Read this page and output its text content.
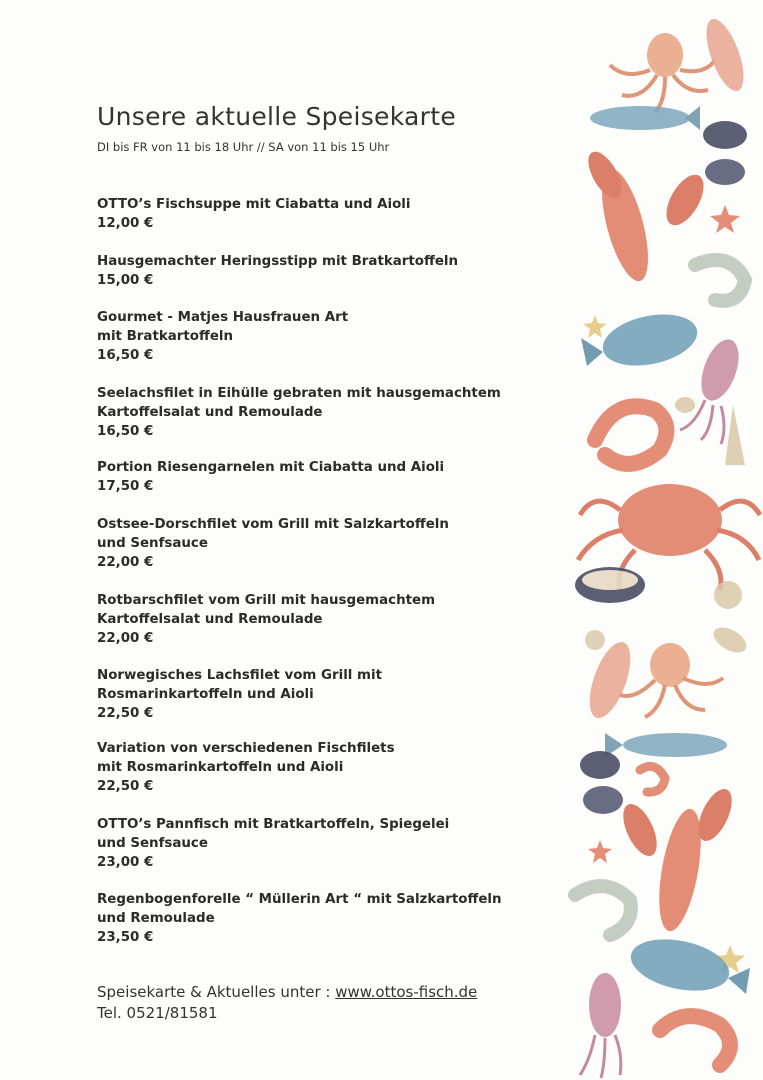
Unsere aktuelle Speisekarte
DI bis FR von 11 bis 18 Uhr // SA von 11 bis 15 Uhr
OTTO’s Fischsuppe mit Ciabatta und Aioli
12,00 €
Hausgemachter Heringsstipp mit Bratkartoffeln
15,00 €
Gourmet - Matjes Hausfrauen Art
mit Bratkartoffeln
16,50 €
Seelachsfilet in Eihülle gebraten mit hausgemachtem
Kartoffelsalat und Remoulade
16,50 €
Portion Riesengarnelen mit Ciabatta und Aioli
17,50 €
Ostsee-Dorschfilet vom Grill mit Salzkartoffeln
und Senfsauce
22,00 €
Rotbarschfilet vom Grill mit hausgemachtem
Kartoffelsalat und Remoulade
22,00 €
Norwegisches Lachsfilet vom Grill mit
Rosmarinkartoffeln und Aioli
22,50 €
Variation von verschiedenen Fischfilets
mit Rosmarinkartoffeln und Aioli
22,50 €
OTTO’s Pannfisch mit Bratkartoffeln, Spiegelei
und Senfsauce
23,00 €
Regenbogenforelle “ Müllerin Art “ mit Salzkartoffeln
und Remoulade
23,50 €
Speisekarte & Aktuelles unter : www.ottos-fisch.de
Tel. 0521/81581
